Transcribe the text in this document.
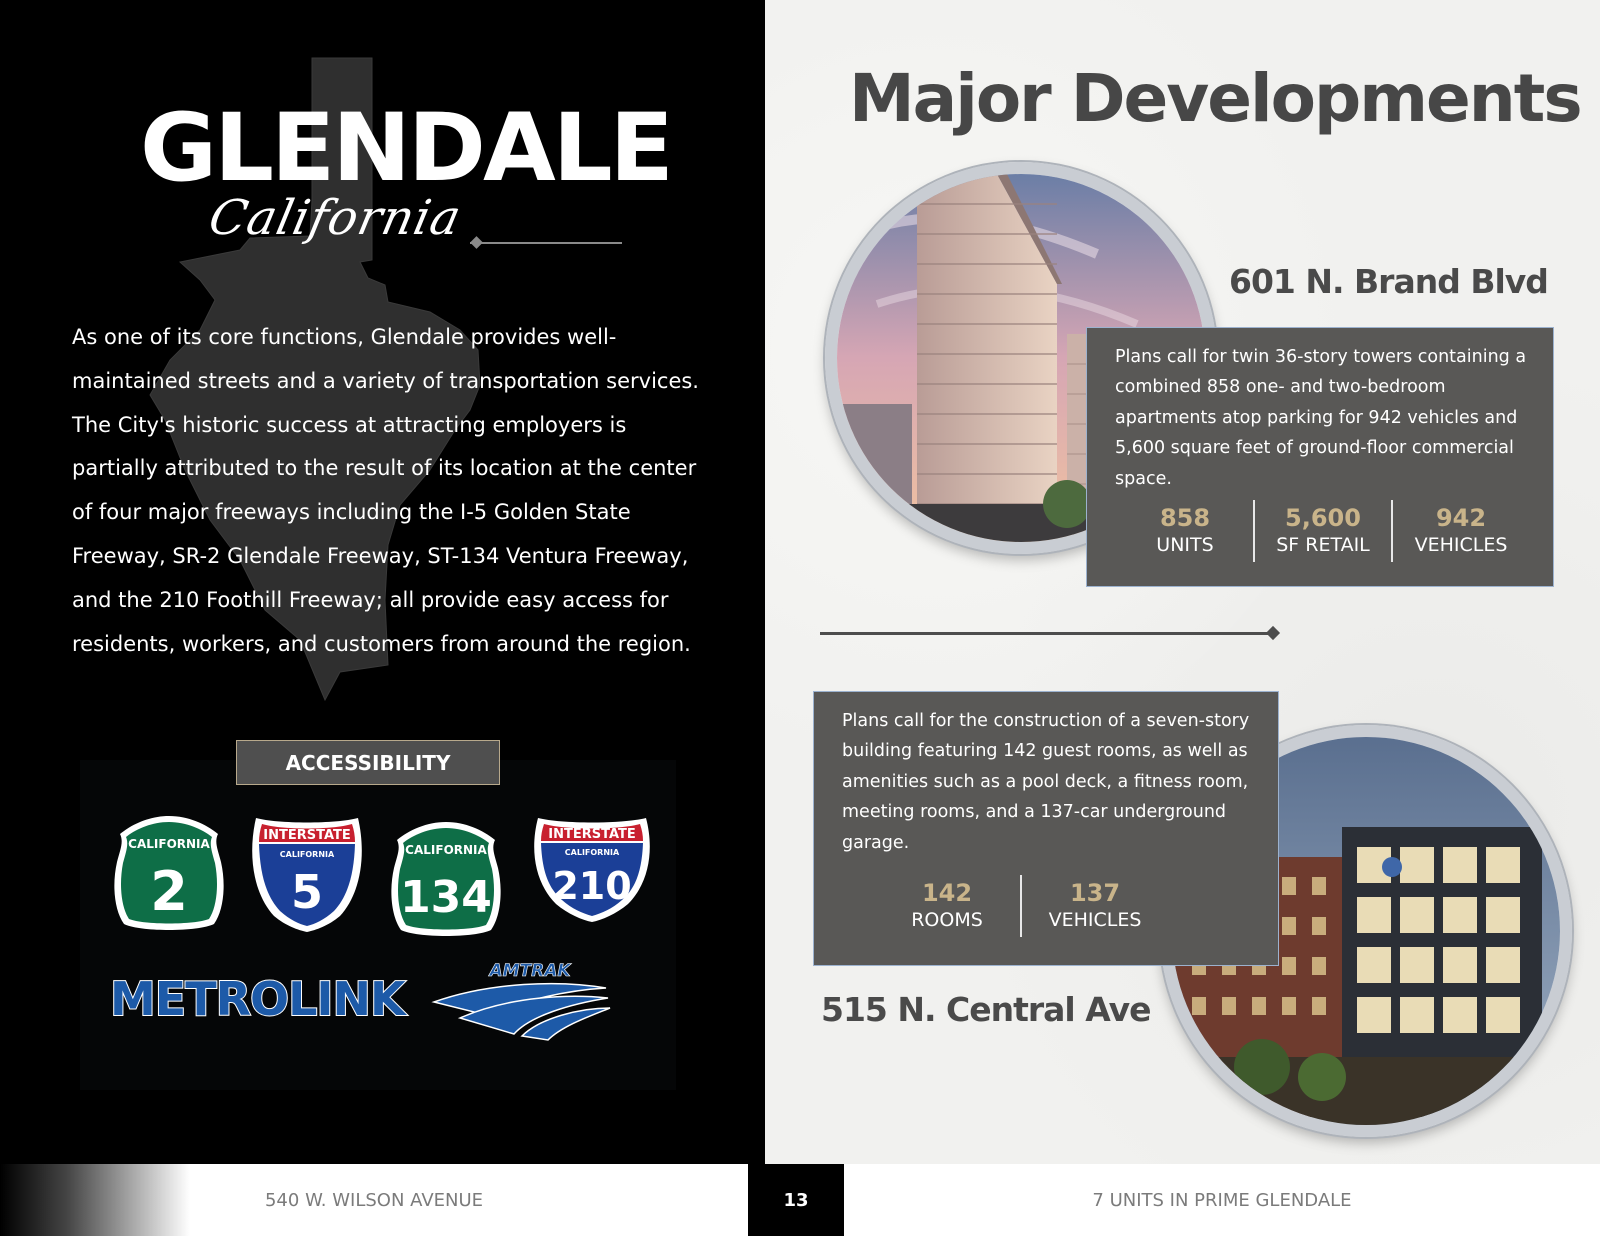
GLENDALE
California

As one of its core functions, Glendale provides well-maintained streets and a variety of transportation services. The City's historic success at attracting employers is partially attributed to the result of its location at the center of four major freeways including the I-5 Golden State Freeway, SR-2 Glendale Freeway, ST-134 Ventura Freeway, and the 210 Foothill Freeway; all provide easy access for residents, workers, and customers from around the region.

ACCESSIBILITY
CALIFORNIA
2
INTERSTATE
CALIFORNIA
5
CALIFORNIA
134
INTERSTATE
CALIFORNIA
210
METROLINK
AMTRAK
Major Developments
601 N. Brand Blvd

Plans call for twin 36-story towers containing a combined 858 one- and two-bedroom apartments atop parking for 942 vehicles and 5,600 square feet of ground-floor commercial space.

858
UNITS
5,600
SF RETAIL
942
VEHICLES

Plans call for the construction of a seven-story building featuring 142 guest rooms, as well as amenities such as a pool deck, a fitness room, meeting rooms, and a 137-car underground garage.

142
ROOMS
137
VEHICLES
515 N. Central Ave
540 W. WILSON AVENUE	13	7 UNITS IN PRIME GLENDALE
